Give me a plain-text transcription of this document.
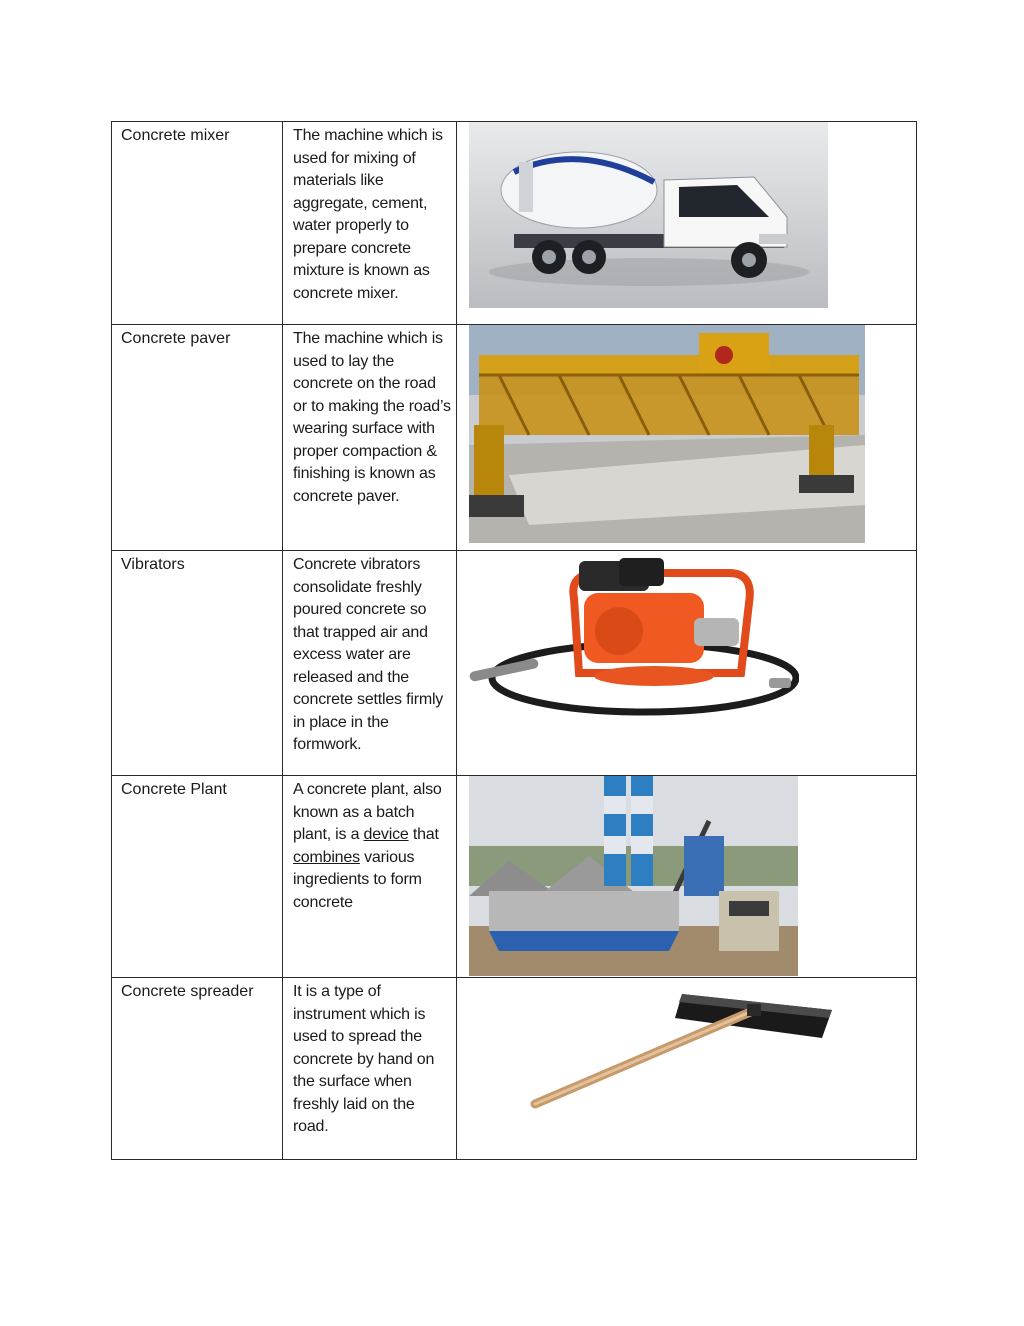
Concrete mixer	The machine which is used for mixing of materials like aggregate, cement, water properly to prepare concrete mixture is known as concrete mixer.

Concrete paver	The machine which is used to lay the concrete on the road or to making the road’s wearing surface with proper compaction & finishing is known as concrete paver.

Vibrators	Concrete vibrators consolidate freshly poured concrete so that trapped air and excess water are released and the concrete settles firmly in place in the formwork.

Concrete Plant	A concrete plant, also known as a batch plant, is a device that combines various ingredients to form concrete

Concrete spreader	It is a type of instrument which is used to spread the concrete by hand on the surface when freshly laid on the road.
